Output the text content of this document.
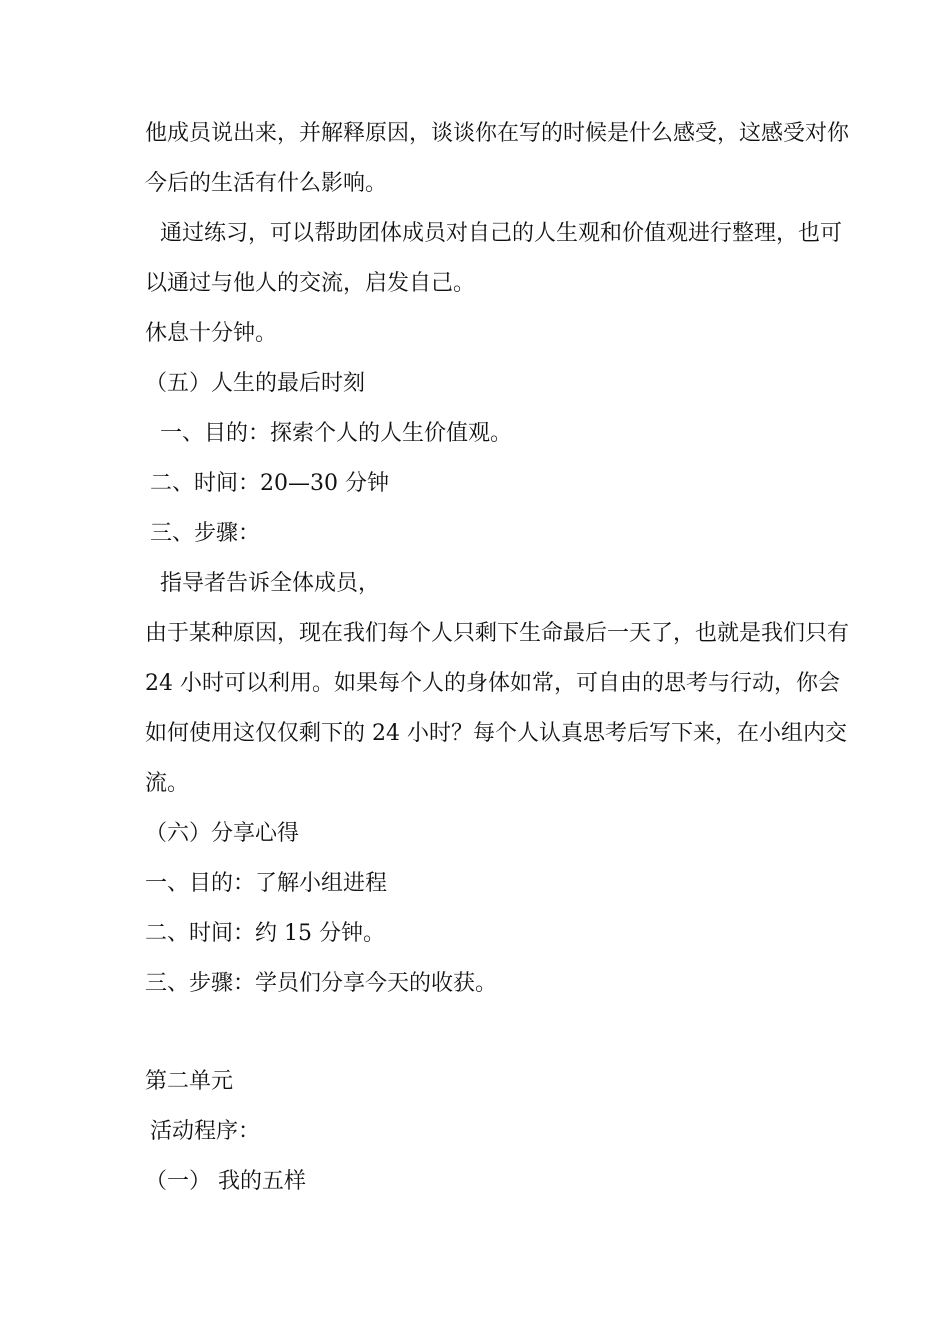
他成员说出来，并解释原因，谈谈你在写的时候是什么感受，这感受对你
今后的生活有什么影响。
通过练习，可以帮助团体成员对自己的人生观和价值观进行整理，也可
以通过与他人的交流，启发自己。
休息十分钟。
（五）人生的最后时刻
一、目的：探索个人的人生价值观。
二、时间：20—30 分钟
三、步骤：
指导者告诉全体成员，
由于某种原因，现在我们每个人只剩下生命最后一天了，也就是我们只有
24 小时可以利用。如果每个人的身体如常，可自由的思考与行动，你会
如何使用这仅仅剩下的 24 小时？每个人认真思考后写下来，在小组内交
流。
（六）分享心得
一、目的：了解小组进程
二、时间：约 15 分钟。
三、步骤：学员们分享今天的收获。
第二单元
活动程序：
（一） 我的五样
